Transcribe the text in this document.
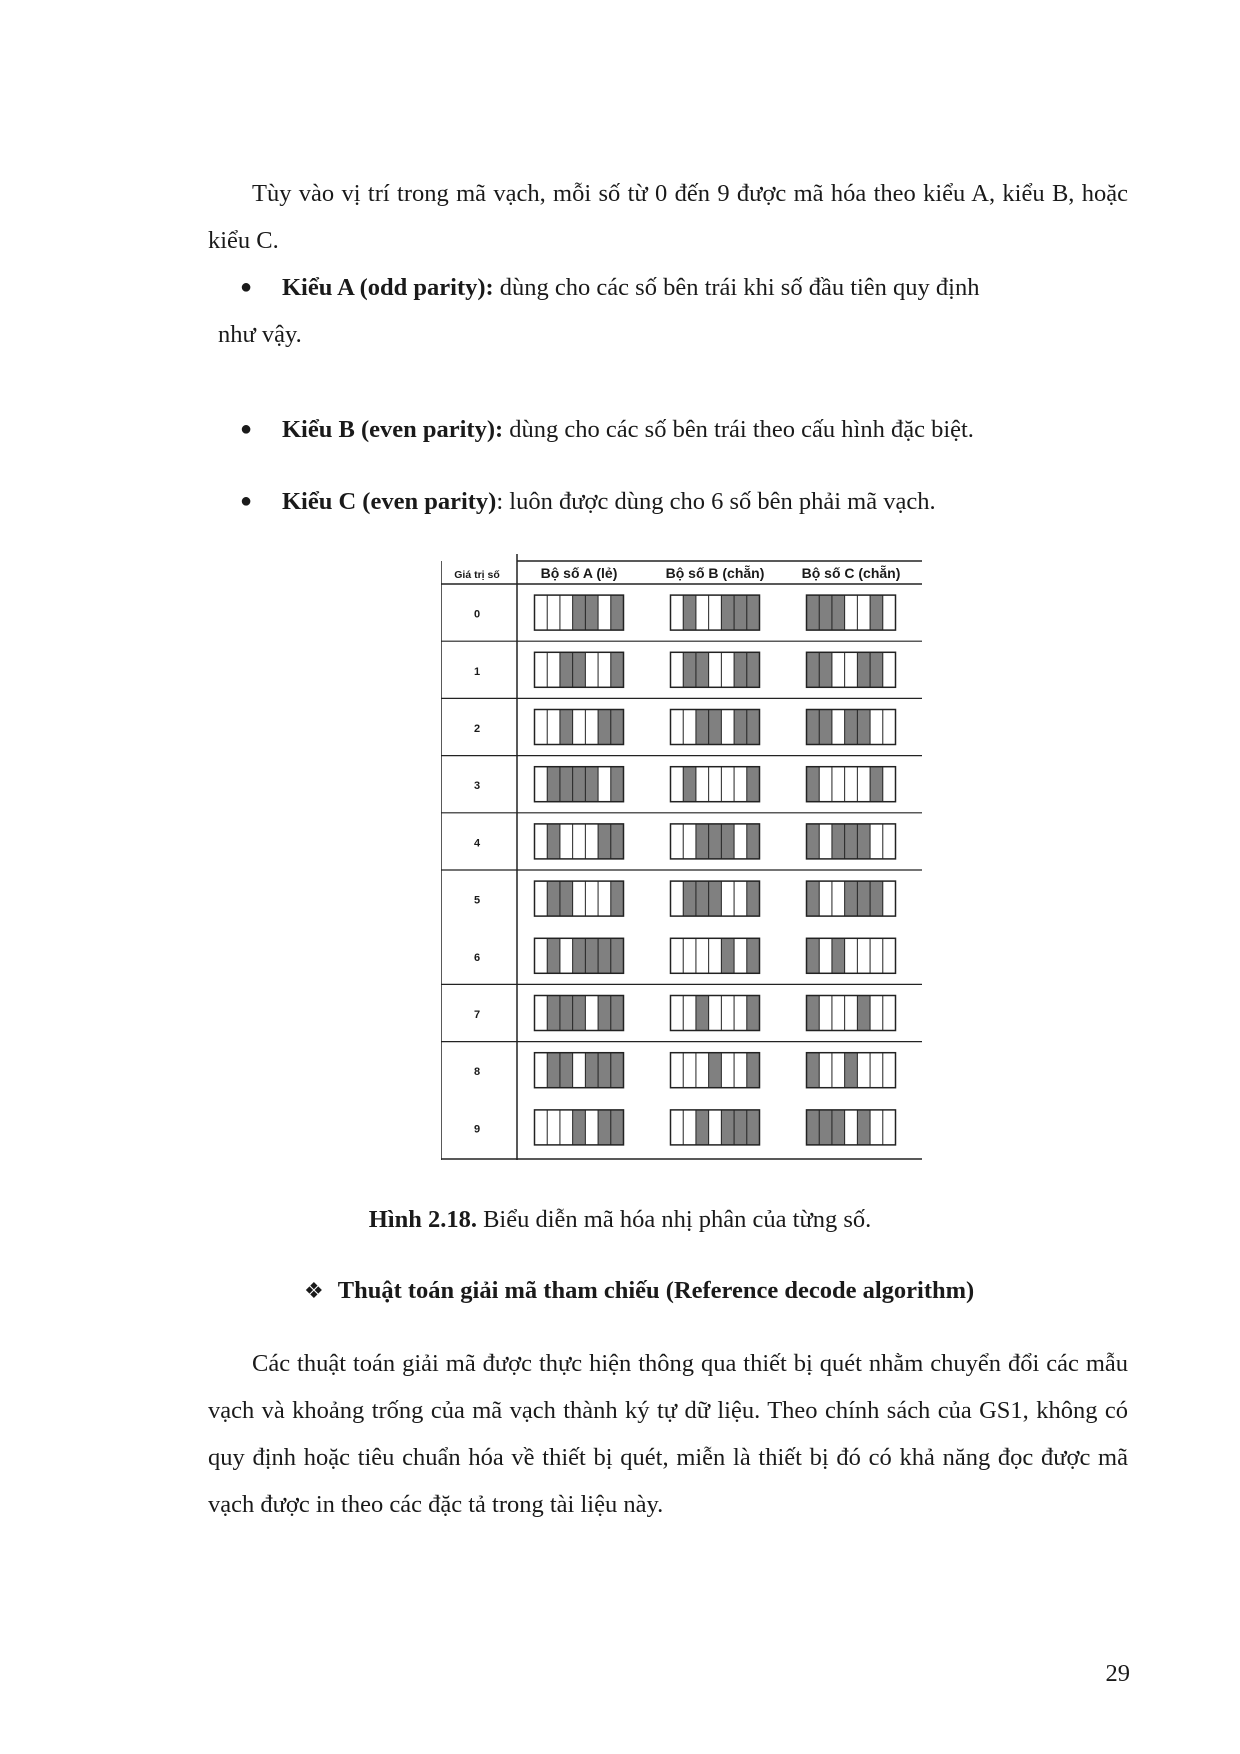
Tùy vào vị trí trong mã vạch, mỗi số từ 0 đến 9 được mã hóa theo kiểu A, kiểu B, hoặc kiểu C.

● Kiểu A (odd parity): dùng cho các số bên trái khi số đầu tiên quy định
như vậy.
● Kiểu B (even parity): dùng cho các số bên trái theo cấu hình đặc biệt.
● Kiểu C (even parity): luôn được dùng cho 6 số bên phải mã vạch.
Giá trị số	Bộ số A (lẻ)	Bộ số B (chẵn)	Bộ số C (chẵn)
0
1
2
3
4
5
6
7
8
9
Hình 2.18. Biểu diễn mã hóa nhị phân của từng số.
❖ Thuật toán giải mã tham chiếu (Reference decode algorithm)

Các thuật toán giải mã được thực hiện thông qua thiết bị quét nhằm chuyển đổi các mẫu vạch và khoảng trống của mã vạch thành ký tự dữ liệu. Theo chính sách của GS1, không có quy định hoặc tiêu chuẩn hóa về thiết bị quét, miễn là thiết bị đó có khả năng đọc được mã vạch được in theo các đặc tả trong tài liệu này.

29
